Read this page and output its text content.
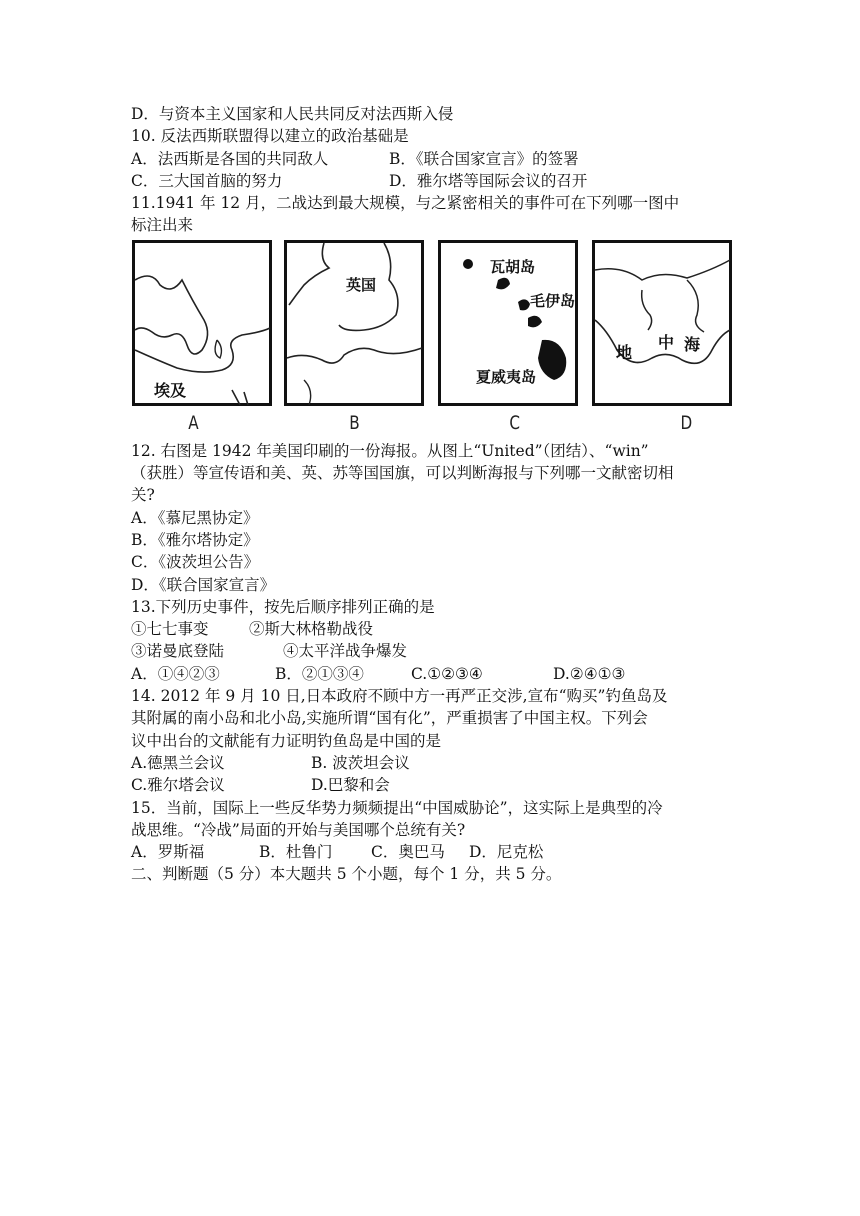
D．与资本主义国家和人民共同反对法西斯入侵
10. 反法西斯联盟得以建立的政治基础是
A．法西斯是各国的共同敌人	B．《联合国家宣言》的签署
C．三大国首脑的努力	D．雅尔塔等国际会议的召开
11.1941 年 12 月，二战达到最大规模，与之紧密相关的事件可在下列哪一图中
标注出来
埃及
英国
瓦胡岛
毛伊岛
夏威夷岛
地
中 海
A	B	C	D
12. 右图是 1942 年美国印刷的一份海报。从图上“United”（团结）、“win”
（获胜）等宣传语和美、英、苏等国国旗，可以判断海报与下列哪一文献密切相
关?
A．《慕尼黑协定》
B．《雅尔塔协定》
C．《波茨坦公告》
D．《联合国家宣言》
13.下列历史事件，按先后顺序排列正确的是
①七七事变	②斯大林格勒战役
③诺曼底登陆	④太平洋战争爆发
A．①④②③	B．②①③④	C.①②③④	D.②④①③
14. 2012 年 9 月 10 日,日本政府不顾中方一再严正交涉,宣布“购买”钓鱼岛及
其附属的南小岛和北小岛,实施所谓“国有化”，严重损害了中国主权。下列会
议中出台的文献能有力证明钓鱼岛是中国的是
A.德黑兰会议	B. 波茨坦会议
C.雅尔塔会议	D.巴黎和会
15．当前，国际上一些反华势力频频提出“中国威胁论”，这实际上是典型的冷
战思维。“冷战”局面的开始与美国哪个总统有关?
A．罗斯福	B．杜鲁门	C．奥巴马	D．尼克松
二、判断题（5 分）本大题共 5 个小题，每个 1 分，共 5 分。
